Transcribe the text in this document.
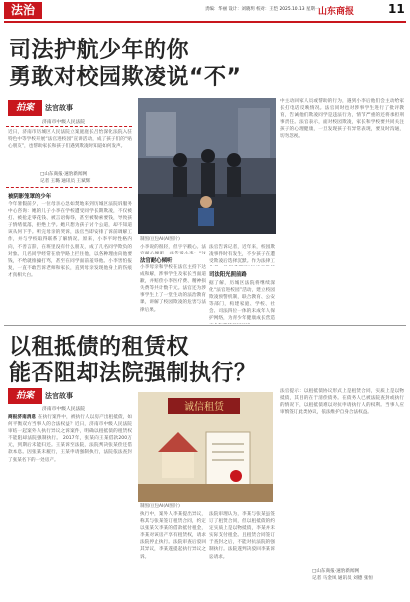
法治	责编：华丽 设计：刘晓玥 校对：王恺 2025.10.13 星期一
山东商报	11
司法护航少年的你
勇敢对校园欺凌说“不”
拍案	法官故事
济南市中级人民法院
近日，济南市历城区人民法院立案庭庭长吕怡深化法院入驻特色中等学校开展“法官进校园”宣讲活动，成了孩子们的“贴心朋友”，也帮助家长和孩子们遇到欺凌时知道如何发声。
□山东商报·速豹新闻网
记者 王璐 通讯员 王斌辉
被阴影笼罩的少年
今年暑假前夕，一位母亲心急如焚地来到历城区法院诉服务中心咨询：她的儿子小李在学校遭受同学长期欺凌，不仅被打、被抢走零花钱、被言语侮辱，甚至被勒索要钱，导致孩子情绪低落，拒绝上学。她只想为孩子讨个公道，却不知道该从何下手。听完母亲的哭诉，法官当即安排了诉前调解工作，并与学校取得联系了解情况。原来，小李平时性格内向，不善言辞，在班里没有什么朋友，成了几名同学欺负的对象。几名同学经常在放学路上拦住他，以各种理由向他要钱，不给就推搡打骂，甚至在同学面前羞辱他。小李害怕报复，一直不敢告诉老师和家长，直到母亲发现他身上的伤痕才真相大白。
制图/豆包AI(AI图片)
法官耐心倾听
小李说的很轻，但字字戳心。法
小李母亲和学校在法官主持下达成和解，涉事学生及家长当面道歉，并赔偿小李医疗费、精神损失费等共计数千元。法官还为涉事学生上了一堂生动的法治教育课，讲解了校园欺凌的危害与法律后果。
法官告诉记者，近年来，校园欺凌事件时有发生，不少孩子在遭受欺凌后选择沉默。作为法律工
司法阳光照前路
据了解，历城区法院将继续深化“法官进校园”活动，建立校园欺凌预警机制，联合教育、公安等部门，构建家庭、学校、社会、司法四位一体的未成年人保护网络，为青少年健康成长营造
中主动回家人员或帮助的行为，遇到小李后他们会主动给家长打电话反映情况。法官同时也对涉事学生进行了批评教育，告诫他们欺凌同学是违法行为，情节严重的还将承担刑事责任。法官表示，面对校园欺凌，家长和学校要共同关注孩子的心理健康，一旦发现孩子有异常表现，要及时沟通，切勿忽视。
以租抵债的租赁权
能否阻却法院强制执行？
拍案	法官故事
济南市中级人民法院
商报济南消息 在执行案件中，被执行人以房产出租抵债，如何平衡双方当事人的合法权益？近日，济南市中级人民法院审结一起案外人执行异议之诉案件，明确以租抵债的租赁权不能阻却法院强制执行。 2017年，张某向王某借款200万元，到期后未能归还。王某诉至法院，法院判决张某偿还借款本息。因张某未履行，王某申请强制执行，法院依法查封了张某名下的一处房产。
诚信租赁
制图/豆包AI(AI图片)
执行中，案外人李某提出异议，称其与张某签订租赁合同，约定以张某欠李某的借款抵付租金，李某对该房产享有租赁权，请求法院停止执行。法院审查后驳回其异议，李某遂提起执行异议之诉。
法院审理认为，李某与张某虽签订了租赁合同，但以租抵债的约定实质上是以物抵债，李某并未实际支付租金。且租赁合同签订于查封之后，不能对抗法院的强制执行。法院遂判决驳回李某诉讼请求。
法官提示：以租抵债协议形式上是租赁合同，实质上是以物抵债，其目的在于清偿债务。在债务人已被法院查封或执行的情况下，以租抵债难以对抗申请执行人的权利。当事人应审慎签订此类协议，依法维护自身合法权益。
□山东商报·速豹新闻网
记者 马金凤 通讯员 刘德 张恒
